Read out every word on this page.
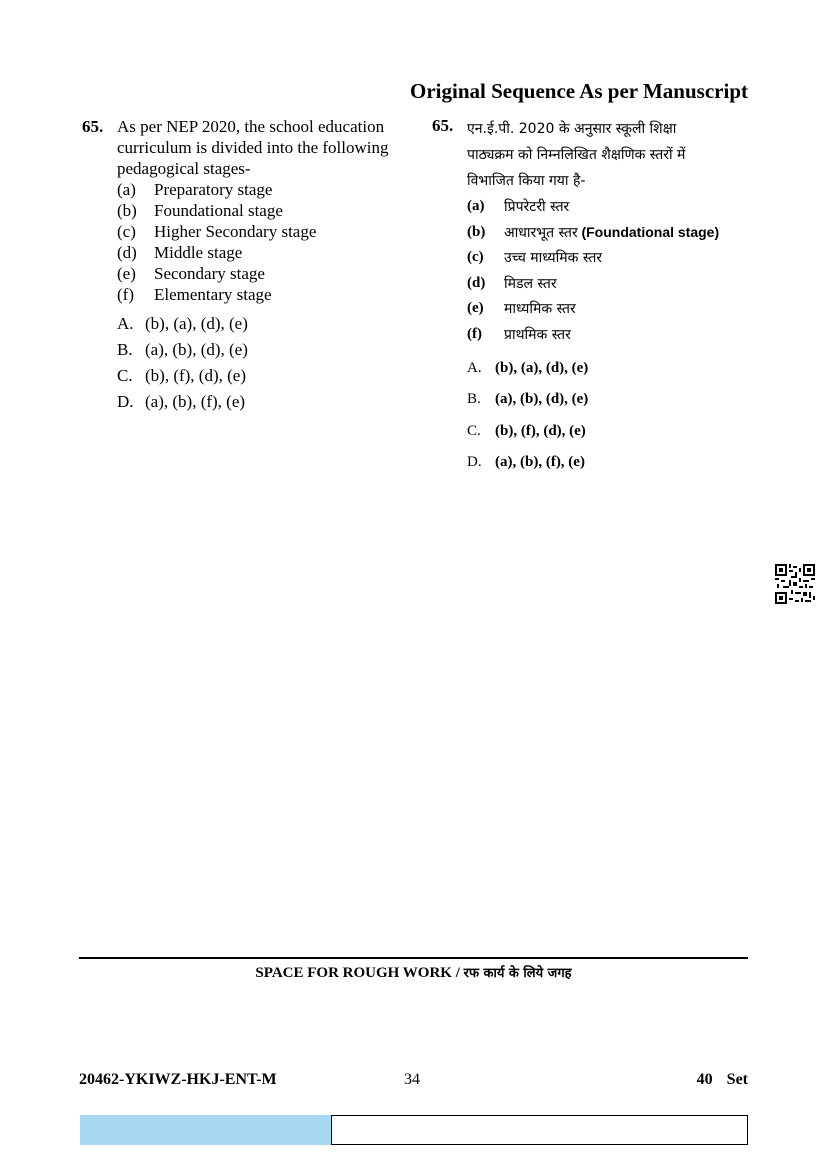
Original Sequence As per Manuscript
65. As per NEP 2020, the school education curriculum is divided into the following pedagogical stages-
(a)	Preparatory stage
(b)	Foundational stage
(c)	Higher Secondary stage
(d)	Middle stage
(e)	Secondary stage
(f)	Elementary stage
A. (b), (a), (d), (e)
B. (a), (b), (d), (e)
C. (b), (f), (d), (e)
D. (a), (b), (f), (e)
65. एन.ई.पी. 2020 के अनुसार स्कूली शिक्षा
पाठ्यक्रम को निम्नलिखित शैक्षणिक स्तरों में
विभाजित किया गया है-
(a)	प्रिपरेटरी स्तर
(b)	आधारभूत स्तर
(Foundational stage)
(c)	उच्च माध्यमिक स्तर
(d)	मिडल स्तर
(e)	माध्यमिक स्तर
(f)	प्राथमिक स्तर
A. (b), (a), (d), (e)
B. (a), (b), (d), (e)
C. (b), (f), (d), (e)
D. (a), (b), (f), (e)
SPACE FOR ROUGH WORK / रफ कार्य के लिये जगह
20462-YKIWZ-HKJ-ENT-M	34	40 Set
